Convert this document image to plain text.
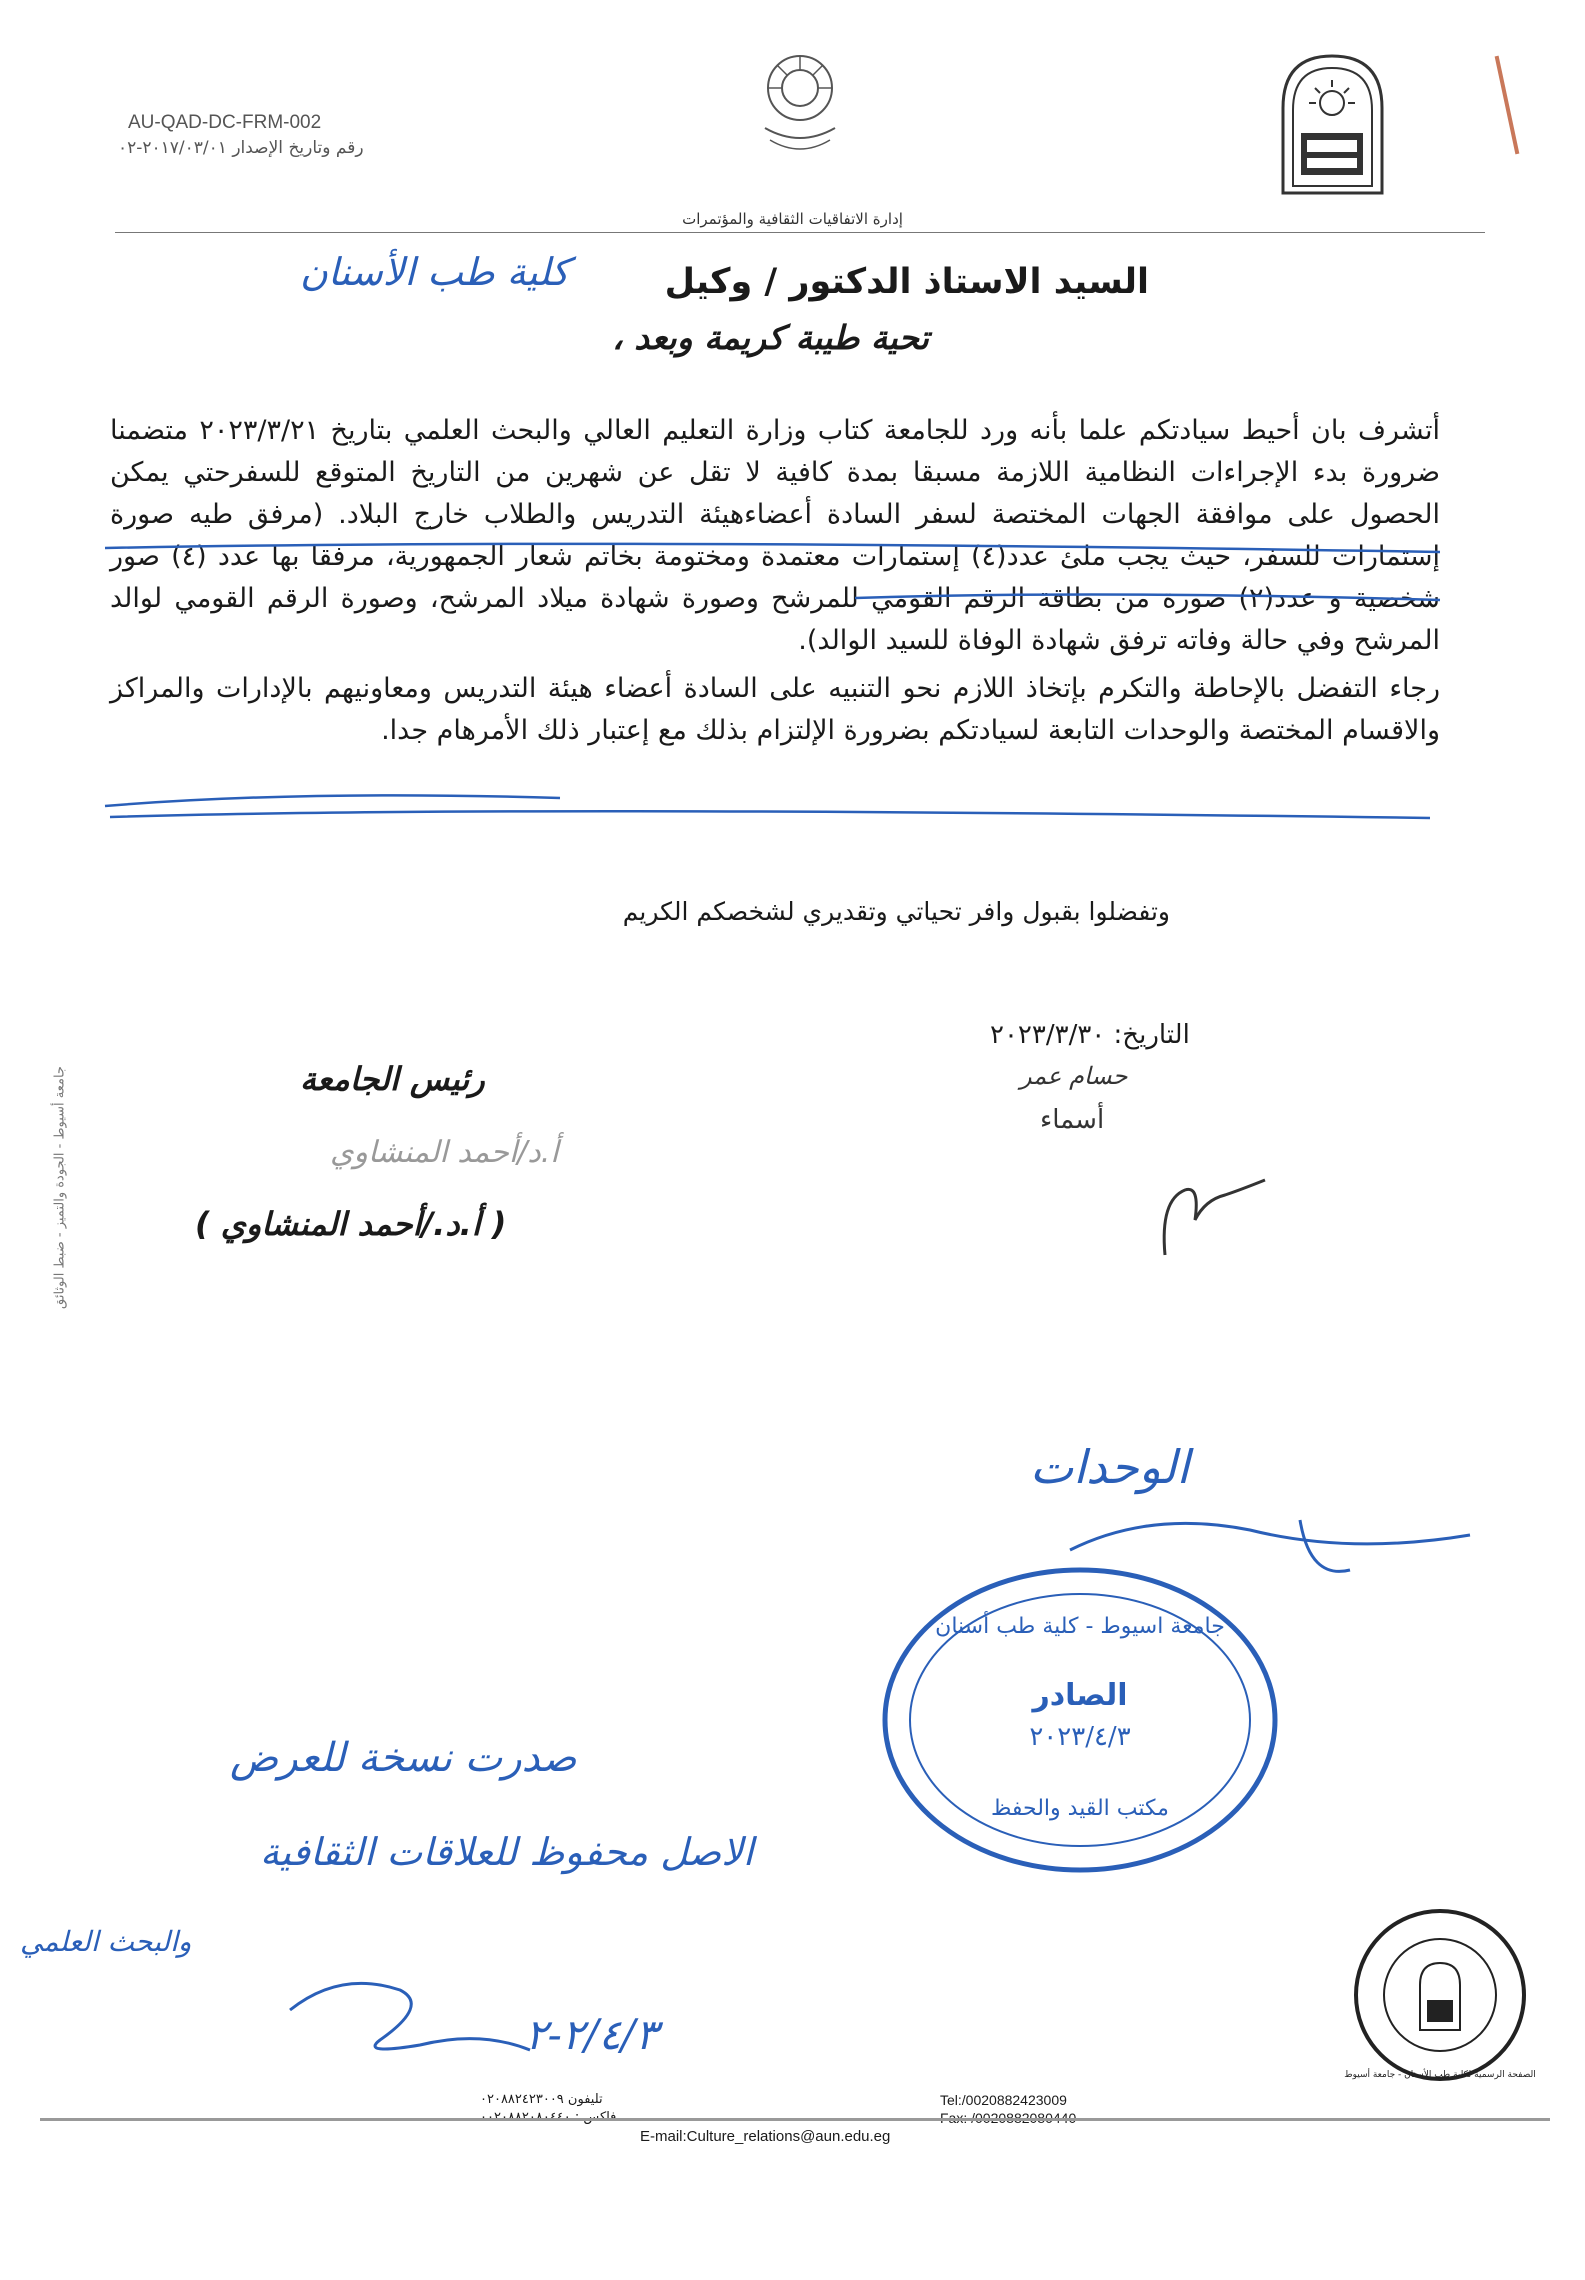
AU-QAD-DC-FRM-002
رقم وتاريخ الإصدار ٢٠١٧/٠٣/٠١-٠٢
إدارة الاتفاقيات الثقافية والمؤتمرات
السيد الاستاذ الدكتور / وكيل
كلية طب الأسنان
تحية طيبة كريمة وبعد ،

أتشرف بان أحيط سيادتكم علما بأنه ورد للجامعة كتاب وزارة التعليم العالي والبحث العلمي بتاريخ ٢٠٢٣/٣/٢١ متضمنا ضرورة بدء الإجراءات النظامية اللازمة مسبقا بمدة كافية لا تقل عن شهرين من التاريخ المتوقع للسفرحتي يمكن الحصول على موافقة الجهات المختصة لسفر السادة أعضاءهيئة التدريس والطلاب خارج البلاد. (مرفق طيه صورة إستمارات للسفر، حيث يجب ملئ عدد(٤) إستمارات معتمدة ومختومة بخاتم شعار الجمهورية، مرفقا بها عدد (٤) صور شخصية و عدد(٢) صورة من بطاقة الرقم القومي للمرشح وصورة شهادة ميلاد المرشح، وصورة الرقم القومي لوالد المرشح وفي حالة وفاته ترفق شهادة الوفاة للسيد الوالد).

رجاء التفضل بالإحاطة والتكرم بإتخاذ اللازم نحو التنبيه على السادة أعضاء هيئة التدريس ومعاونيهم بالإدارات والمراكز والاقسام المختصة والوحدات التابعة لسيادتكم بضرورة الإلتزام بذلك مع إعتبار ذلك الأمرهام جدا.

وتفضلوا بقبول وافر تحياتي وتقديري لشخصكم الكريم
التاريخ: ٢٠٢٣/٣/٣٠
حسام عمر
أسماء
رئيس الجامعة
أ.د/أحمد المنشاوي
( أ.د./أحمد المنشاوي )
جامعة أسيوط - الجودة والتميز - ضبط الوثائق
الوحدات
صدرت نسخة للعرض
الاصل محفوظ للعلاقات الثقافية
والبحث العلمي
٢/٤/٣-٢
جامعة اسيوط - كلية طب أسنان
الصادر
٢٠٢٣/٤/٣
مكتب القيد والحفظ
الصفحة الرسمية لكلية طب الأسنان - جامعة أسيوط
تليفون ٠٢٠٨٨٢٤٢٣٠٠٩	Tel:/0020882423009
E-mail:Culture_relations@aun.edu.eg
